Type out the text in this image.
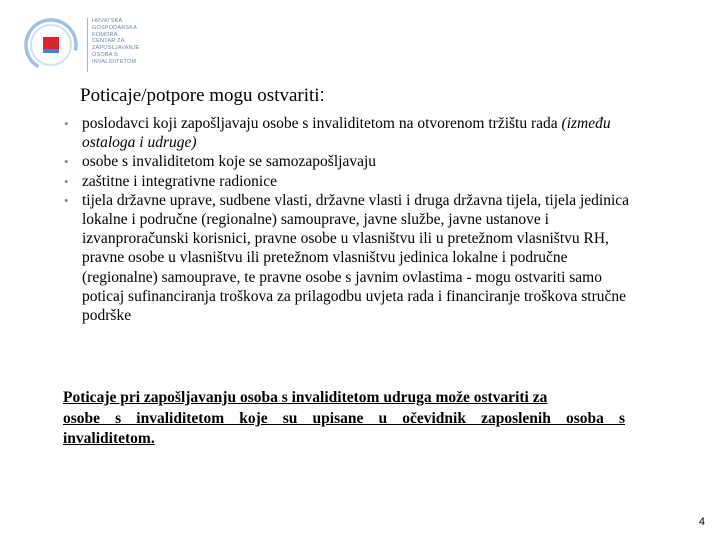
HRVATSKA
GOSPODARSKA
KOMORA
CENTAR ZA
ZAPOSLJAVANJE
OSOBA S
INVALIDITETOM
Poticaje/potpore mogu ostvariti:
• poslodavci koji zapošljavaju osobe s invaliditetom na otvorenom tržištu rada (između ostaloga i udruge)
• osobe s invaliditetom koje se samozapošljavaju
• zaštitne i integrativne radionice
• tijela državne uprave, sudbene vlasti, državne vlasti i druga državna tijela, tijela jedinica lokalne i područne (regionalne) samouprave, javne službe, javne ustanove i izvanproračunski korisnici, pravne osobe u vlasništvu ili u pretežnom vlasništvu RH, pravne osobe u vlasništvu ili pretežnom vlasništvu jedinica lokalne i područne (regionalne) samouprave, te pravne osobe s javnim ovlastima - mogu ostvariti samo poticaj sufinanciranja troškova za prilagodbu uvjeta rada i financiranje troškova stručne podrške
Poticaje pri zapošljavanju osoba s invaliditetom udruga može ostvariti za
osobe s invaliditetom koje su upisane u očevidnik zaposlenih osoba s
invaliditetom.
4
